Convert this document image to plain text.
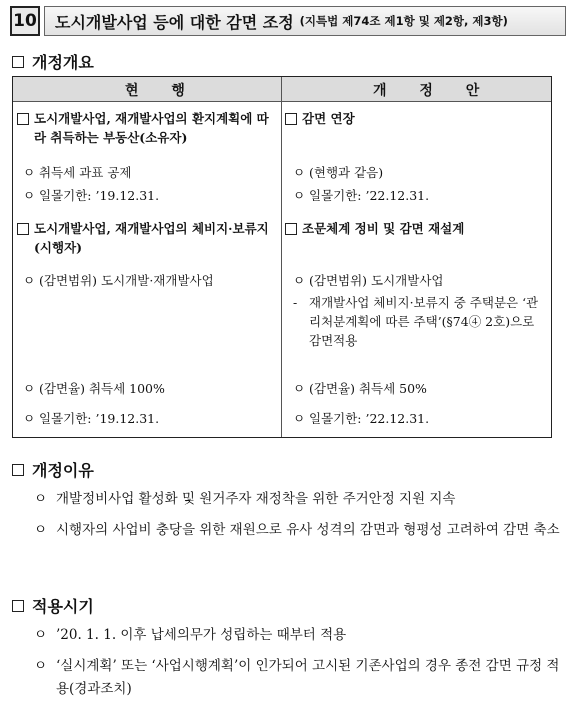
10 도시개발사업 등에 대한 감면 조정 (지특법 제74조 제1항 및 제2항, 제3항)
개정개요
현 행	개 정 안
도시개발사업, 재개발사업의 환지계획에 따라 취득하는 부동산(소유자)
ㅇ 취득세 과표 공제
ㅇ 일몰기한: ’19.12.31.
도시개발사업, 재개발사업의 체비지·보류지(시행자)
ㅇ (감면범위) 도시개발·재개발사업
ㅇ (감면율) 취득세 100%
ㅇ 일몰기한: ’19.12.31.
감면 연장
ㅇ (현행과 같음)
ㅇ 일몰기한: ’22.12.31.
조문체계 정비 및 감면 재설계
ㅇ (감면범위) 도시개발사업
- 재개발사업 체비지·보류지 중 주택분은 ‘관리처분계획에 따른 주택’(§74④ 2호)으로 감면적용
ㅇ (감면율) 취득세 50%
ㅇ 일몰기한: ’22.12.31.
개정이유
ㅇ 개발정비사업 활성화 및 원거주자 재정착을 위한 주거안정 지원 지속
ㅇ 시행자의 사업비 충당을 위한 재원으로 유사 성격의 감면과 형평성 고려하여 감면 축소
적용시기
ㅇ ’20. 1. 1. 이후 납세의무가 성립하는 때부터 적용
ㅇ ‘실시계획’ 또는 ‘사업시행계획’이 인가되어 고시된 기존사업의 경우 종전 감면 규정 적용(경과조치)
